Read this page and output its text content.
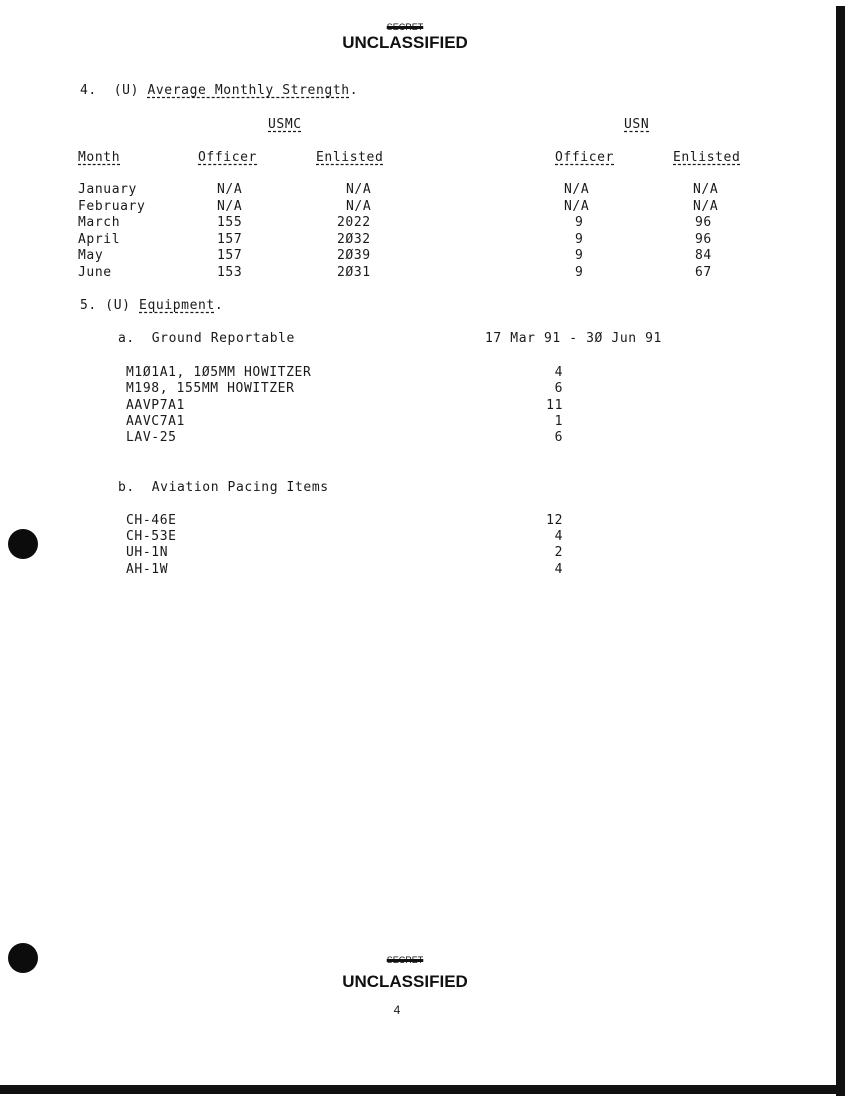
SECRET
UNCLASSIFIED
4. (U) Average Monthly Strength.
USMC	USN
Month	Officer	Enlisted	Officer	Enlisted
January	N/A	N/A	N/A	N/A
February	N/A	N/A	N/A	N/A
March	155	2022	9	96
April	157	2Ø32	9	96
May	157	2Ø39	9	84
June	153	2Ø31	9	67
5. (U) Equipment.
a. Ground Reportable	17 Mar 91 - 3Ø Jun 91
M1Ø1A1, 1Ø5MM HOWITZER	4
M198, 155MM HOWITZER	6
AAVP7A1	11
AAVC7A1	1
LAV-25	6
b. Aviation Pacing Items
CH-46E	12
CH-53E	4
UH-1N	2
AH-1W	4
SECRET
UNCLASSIFIED
4
